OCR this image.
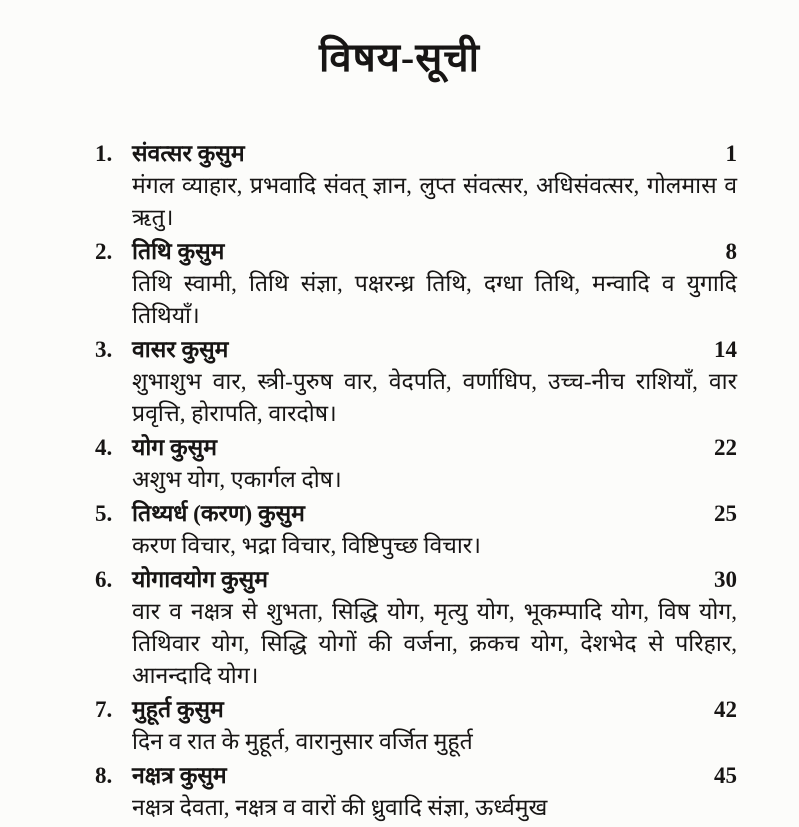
विषय-सूची
1. संवत्सर कुसुम	1

मंगल व्याहार, प्रभवादि संवत् ज्ञान, लुप्त संवत्सर, अधिसंवत्सर, गोलमास व ऋतु।

2. तिथि कुसुम	8

तिथि स्वामी, तिथि संज्ञा, पक्षरन्ध्र तिथि, दग्धा तिथि, मन्वादि व युगादि तिथियाँ।

3. वासर कुसुम	14

शुभाशुभ वार, स्त्री-पुरुष वार, वेदपति, वर्णाधिप, उच्च-नीच राशियाँ, वार प्रवृत्ति, होरापति, वारदोष।

4. योग कुसुम	22

अशुभ योग, एकार्गल दोष।

5. तिथ्यर्ध (करण) कुसुम	25

करण विचार, भद्रा विचार, विष्टिपुच्छ विचार।

6. योगावयोग कुसुम	30

वार व नक्षत्र से शुभता, सिद्धि योग, मृत्यु योग, भूकम्पादि योग, विष योग, तिथिवार योग, सिद्धि योगों की वर्जना, क्रकच योग, देशभेद से परिहार, आनन्दादि योग।

7. मुहूर्त कुसुम	42

दिन व रात के मुहूर्त, वारानुसार वर्जित मुहूर्त

8. नक्षत्र कुसुम	45

नक्षत्र देवता, नक्षत्र व वारों की ध्रुवादि संज्ञा, ऊर्ध्वमुख
